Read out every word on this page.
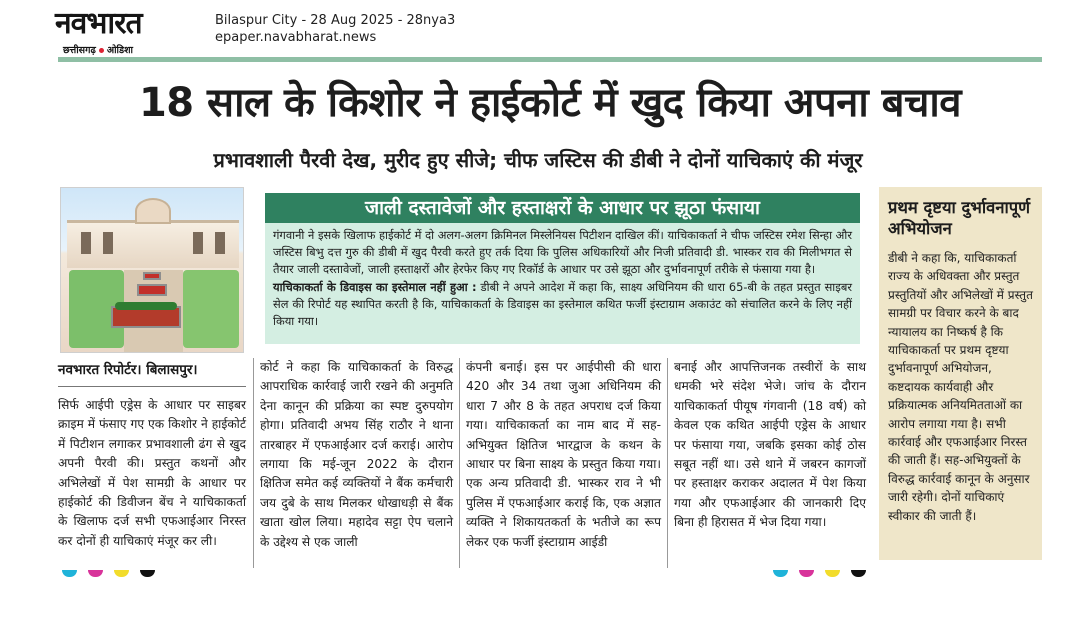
नवभारत
छत्तीसगढ़ ओडिशा
Bilaspur City - 28 Aug 2025 - 28nya3
epaper.navabharat.news
18 साल के किशोर ने हाईकोर्ट में खुद किया अपना बचाव
प्रभावशाली पैरवी देख, मुरीद हुए सीजे; चीफ जस्टिस की डीबी ने दोनों याचिकाएं की मंजूर
नवभारत रिपोर्टर। बिलासपुर।
जाली दस्तावेजों और हस्ताक्षरों के आधार पर झूठा फंसाया
गंगवानी ने इसके खिलाफ हाईकोर्ट में दो अलग-अलग क्रिमिनल मिस्लेनियस पिटीशन दाखिल कीं। याचिकाकर्ता ने चीफ जस्टिस रमेश सिन्हा और जस्टिस बिभु दत्त गुरु की डीबी में खुद पैरवी करते हुए तर्क दिया कि पुलिस अधिकारियों और निजी प्रतिवादी डी. भास्कर राव की मिलीभगत से तैयार जाली दस्तावेजों, जाली हस्ताक्षरों और हेरफेर किए गए रिकॉर्ड के आधार पर उसे झूठा और दुर्भावनापूर्ण तरीके से फंसाया गया है।
याचिकाकर्ता के डिवाइस का इस्तेमाल नहीं हुआ : डीबी ने अपने आदेश में कहा कि, साक्ष्य अधिनियम की धारा 65-बी के तहत प्रस्तुत साइबर सेल की रिपोर्ट यह स्थापित करती है कि, याचिकाकर्ता के डिवाइस का इस्तेमाल कथित फर्जी इंस्टाग्राम अकाउंट को संचालित करने के लिए नहीं किया गया।
सिर्फ आईपी एड्रेस के आधार पर साइबर क्राइम में फंसाए गए एक किशोर ने हाईकोर्ट में पिटीशन लगाकर प्रभावशाली ढंग से खुद अपनी पैरवी की। प्रस्तुत कथनों और अभिलेखों में पेश सामग्री के आधार पर हाईकोर्ट की डिवीजन बेंच ने याचिकाकर्ता के खिलाफ दर्ज सभी एफआईआर निरस्त कर दोनों ही याचिकाएं मंजूर कर ली।
कोर्ट ने कहा कि याचिकाकर्ता के विरुद्ध आपराधिक कार्रवाई जारी रखने की अनुमति देना कानून की प्रक्रिया का स्पष्ट दुरुपयोग होगा। प्रतिवादी अभय सिंह राठौर ने थाना तारबाहर में एफआईआर दर्ज कराई। आरोप लगाया कि मई-जून 2022 के दौरान क्षितिज समेत कई व्यक्तियों ने बैंक कर्मचारी जय दुबे के साथ मिलकर धोखाधड़ी से बैंक खाता खोल लिया। महादेव सट्टा ऐप चलाने के उद्देश्य से एक जाली
कंपनी बनाई। इस पर आईपीसी की धारा 420 और 34 तथा जुआ अधिनियम की धारा 7 और 8 के तहत अपराध दर्ज किया गया। याचिकाकर्ता का नाम बाद में सह-अभियुक्त क्षितिज भारद्वाज के कथन के आधार पर बिना साक्ष्य के प्रस्तुत किया गया। एक अन्य प्रतिवादी डी. भास्कर राव ने भी पुलिस में एफआईआर कराई कि, एक अज्ञात व्यक्ति ने शिकायतकर्ता के भतीजे का रूप लेकर एक फर्जी इंस्टाग्राम आईडी
बनाई और आपत्तिजनक तस्वीरों के साथ धमकी भरे संदेश भेजे। जांच के दौरान याचिकाकर्ता पीयूष गंगवानी (18 वर्ष) को केवल एक कथित आईपी एड्रेस के आधार पर फंसाया गया, जबकि इसका कोई ठोस सबूत नहीं था। उसे थाने में जबरन कागजों पर हस्ताक्षर कराकर अदालत में पेश किया गया और एफआईआर की जानकारी दिए बिना ही हिरासत में भेज दिया गया।
प्रथम दृष्टया दुर्भावनापूर्ण अभियोजन
डीबी ने कहा कि, याचिकाकर्ता राज्य के अधिवक्ता और प्रस्तुत प्रस्तुतियों और अभिलेखों में प्रस्तुत सामग्री पर विचार करने के बाद न्यायालय का निष्कर्ष है कि याचिकाकर्ता पर प्रथम दृष्टया दुर्भावनापूर्ण अभियोजन, कष्टदायक कार्यवाही और प्रक्रियात्मक अनियमितताओं का आरोप लगाया गया है। सभी कार्रवाई और एफआईआर निरस्त की जाती हैं। सह-अभियुक्तों के विरुद्ध कार्रवाई कानून के अनुसार जारी रहेगी। दोनों याचिकाएं स्वीकार की जाती हैं।
